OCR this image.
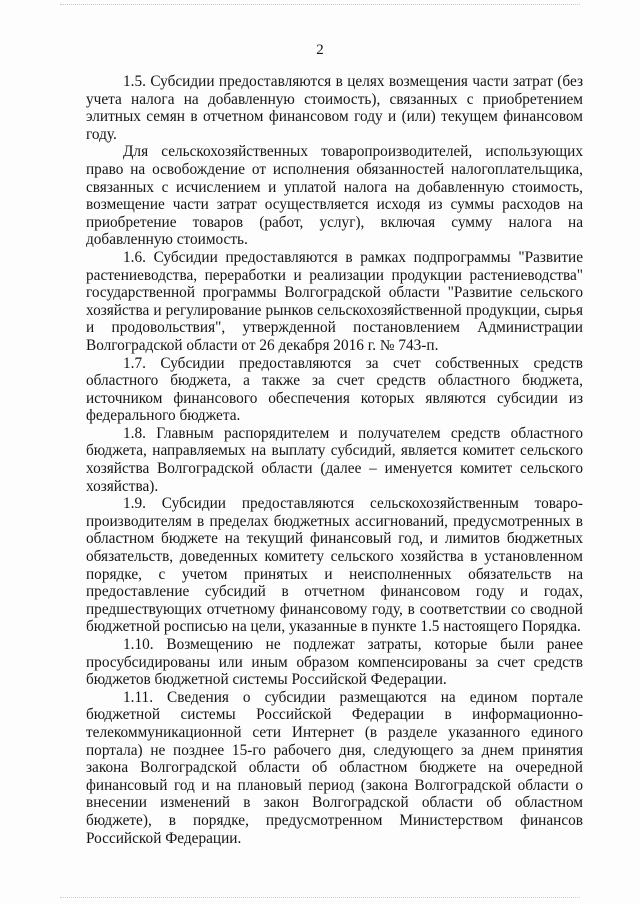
2

1.5. Субсидии предоставляются в целях возмещения части затрат (без учета налога на добавленную стоимость), связанных с приобретением элитных семян в отчетном финансовом году и (или) текущем финансовом году.

Для сельскохозяйственных товаропроизводителей, использующих право на освобождение от исполнения обязанностей налогоплательщика, связанных с исчислением и уплатой налога на добавленную стоимость, возмещение части затрат осуществляется исходя из суммы расходов на приобретение товаров (работ, услуг), включая сумму налога на добавленную стоимость.

1.6. Субсидии предоставляются в рамках подпрограммы "Развитие растениеводства, переработки и реализации продукции растениеводства" государственной программы Волгоградской области "Развитие сельского хозяйства и регулирование рынков сельскохозяйственной продукции, сырья и продовольствия", утвержденной постановлением Администрации Волгоградской области от 26 декабря 2016 г. № 743-п.

1.7. Субсидии предоставляются за счет собственных средств областного бюджета, а также за счет средств областного бюджета, источником финансового обеспечения которых являются субсидии из федерального бюджета.

1.8. Главным распорядителем и получателем средств областного бюджета, направляемых на выплату субсидий, является комитет сельского хозяйства Волгоградской области (далее – именуется комитет сельского хозяйства).

1.9. Субсидии предоставляются сельскохозяйственным товаро-производителям в пределах бюджетных ассигнований, предусмотренных в областном бюджете на текущий финансовый год, и лимитов бюджетных обязательств, доведенных комитету сельского хозяйства в установленном порядке, с учетом принятых и неисполненных обязательств на предоставление субсидий в отчетном финансовом году и годах, предшествующих отчетному финансовому году, в соответствии со сводной бюджетной росписью на цели, указанные в пункте 1.5 настоящего Порядка.

1.10. Возмещению не подлежат затраты, которые были ранее просубсидированы или иным образом компенсированы за счет средств бюджетов бюджетной системы Российской Федерации.

1.11. Сведения о субсидии размещаются на едином портале бюджетной системы Российской Федерации в информационно-телекоммуникационной сети Интернет (в разделе указанного единого портала) не позднее 15-го рабочего дня, следующего за днем принятия закона Волгоградской области об областном бюджете на очередной финансовый год и на плановый период (закона Волгоградской области о внесении изменений в закон Волгоградской области об областном бюджете), в порядке, предусмотренном Министерством финансов Российской Федерации.
